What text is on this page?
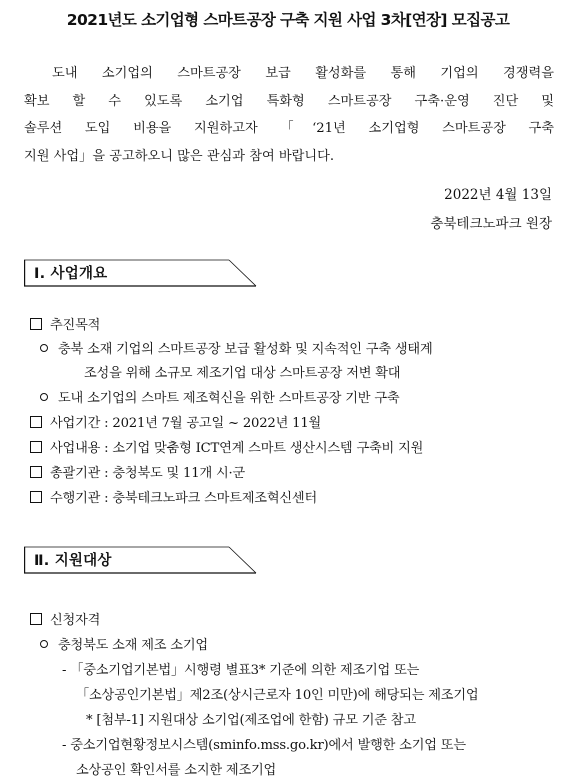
2021년도 소기업형 스마트공장 구축 지원 사업 3차[연장] 모집공고
도내 소기업의 스마트공장 보급 활성화를 통해 기업의 경쟁력을
확보 할 수 있도록 소기업 특화형 스마트공장 구축·운영 진단 및
솔루션 도입 비용을 지원하고자 「‘21년 소기업형 스마트공장 구축
지원 사업」을 공고하오니 많은 관심과 참여 바랍니다.
2022년 4월 13일
충북테크노파크 원장
Ⅰ. 사업개요
추진목적
충북 소재 기업의 스마트공장 보급 활성화 및 지속적인 구축 생태계
조성을 위해 소규모 제조기업 대상 스마트공장 저변 확대
도내 소기업의 스마트 제조혁신을 위한 스마트공장 기반 구축
사업기간 : 2021년 7월 공고일 ~ 2022년 11월
사업내용 : 소기업 맞춤형 ICT연계 스마트 생산시스템 구축비 지원
총괄기관 : 충청북도 및 11개 시·군
수행기관 : 충북테크노파크 스마트제조혁신센터
Ⅱ. 지원대상
신청자격
충청북도 소재 제조 소기업
- 「중소기업기본법」시행령 별표3* 기준에 의한 제조기업 또는
「소상공인기본법」제2조(상시근로자 10인 미만)에 해당되는 제조기업
* [첨부-1] 지원대상 소기업(제조업에 한함) 규모 기준 참고
- 중소기업현황정보시스템(sminfo.mss.go.kr)에서 발행한 소기업 또는
소상공인 확인서를 소지한 제조기업
